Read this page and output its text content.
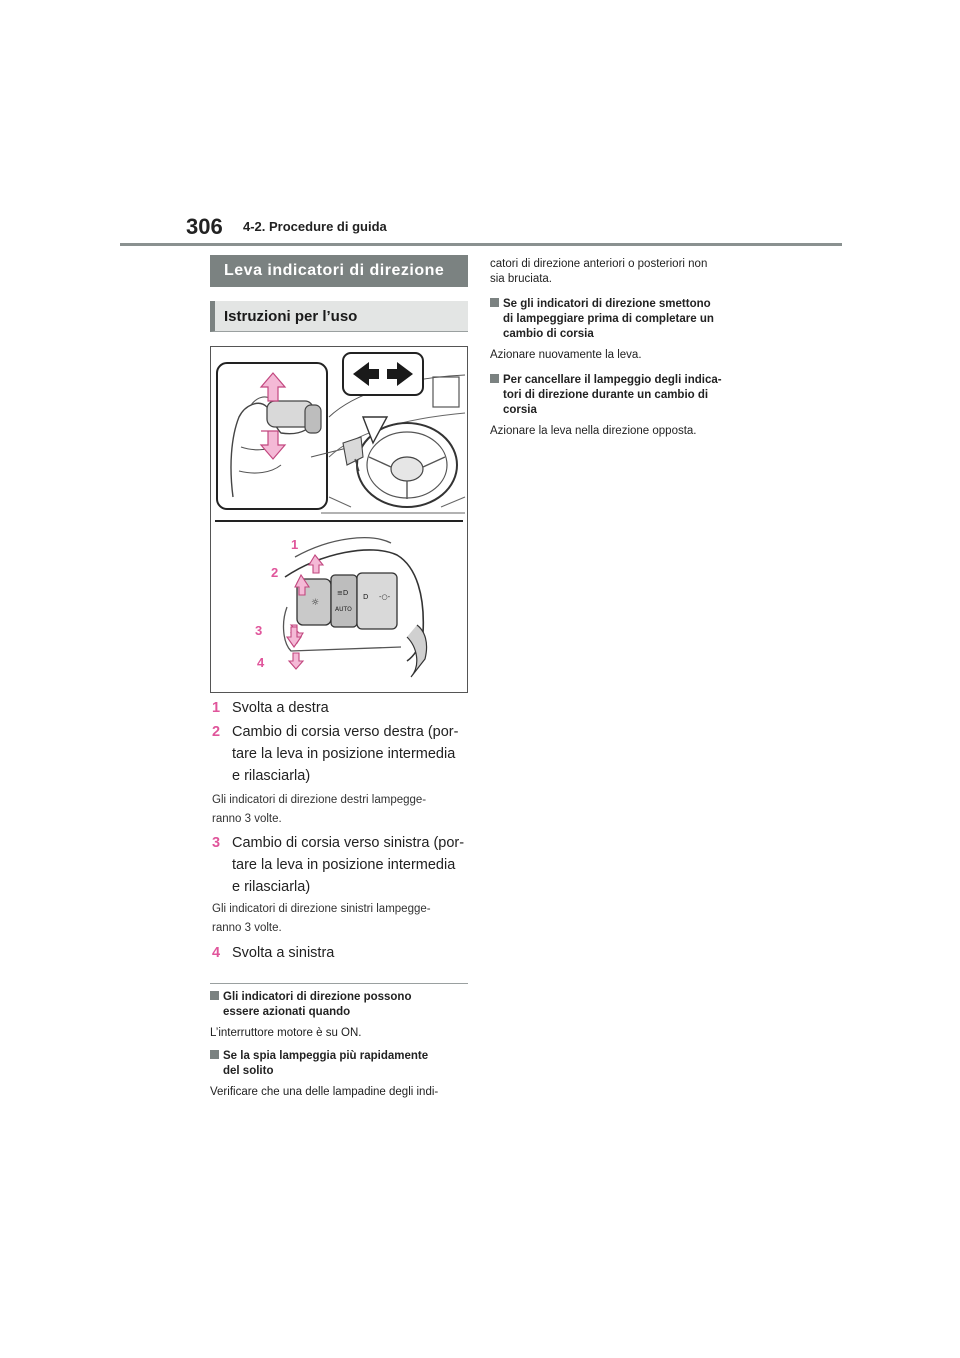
306 4-2. Procedure di guida
Leva indicatori di direzione
Istruzioni per l’uso
☼
≡D
AUTO
D -○-
1
2
3
4
1 Svolta a destra
2 Cambio di corsia verso destra (por-
tare la leva in posizione intermedia
e rilasciarla)
Gli indicatori di direzione destri lampegge-
ranno 3 volte.
3 Cambio di corsia verso sinistra (por-
tare la leva in posizione intermedia
e rilasciarla)
Gli indicatori di direzione sinistri lampegge-
ranno 3 volte.
4 Svolta a sinistra
Gli indicatori di direzione possono
essere azionati quando
L’interruttore motore è su ON.
Se la spia lampeggia più rapidamente
del solito
Verificare che una delle lampadine degli indi-
catori di direzione anteriori o posteriori non
sia bruciata.
Se gli indicatori di direzione smettono
di lampeggiare prima di completare un
cambio di corsia
Azionare nuovamente la leva.
Per cancellare il lampeggio degli indica-
tori di direzione durante un cambio di
corsia
Azionare la leva nella direzione opposta.
